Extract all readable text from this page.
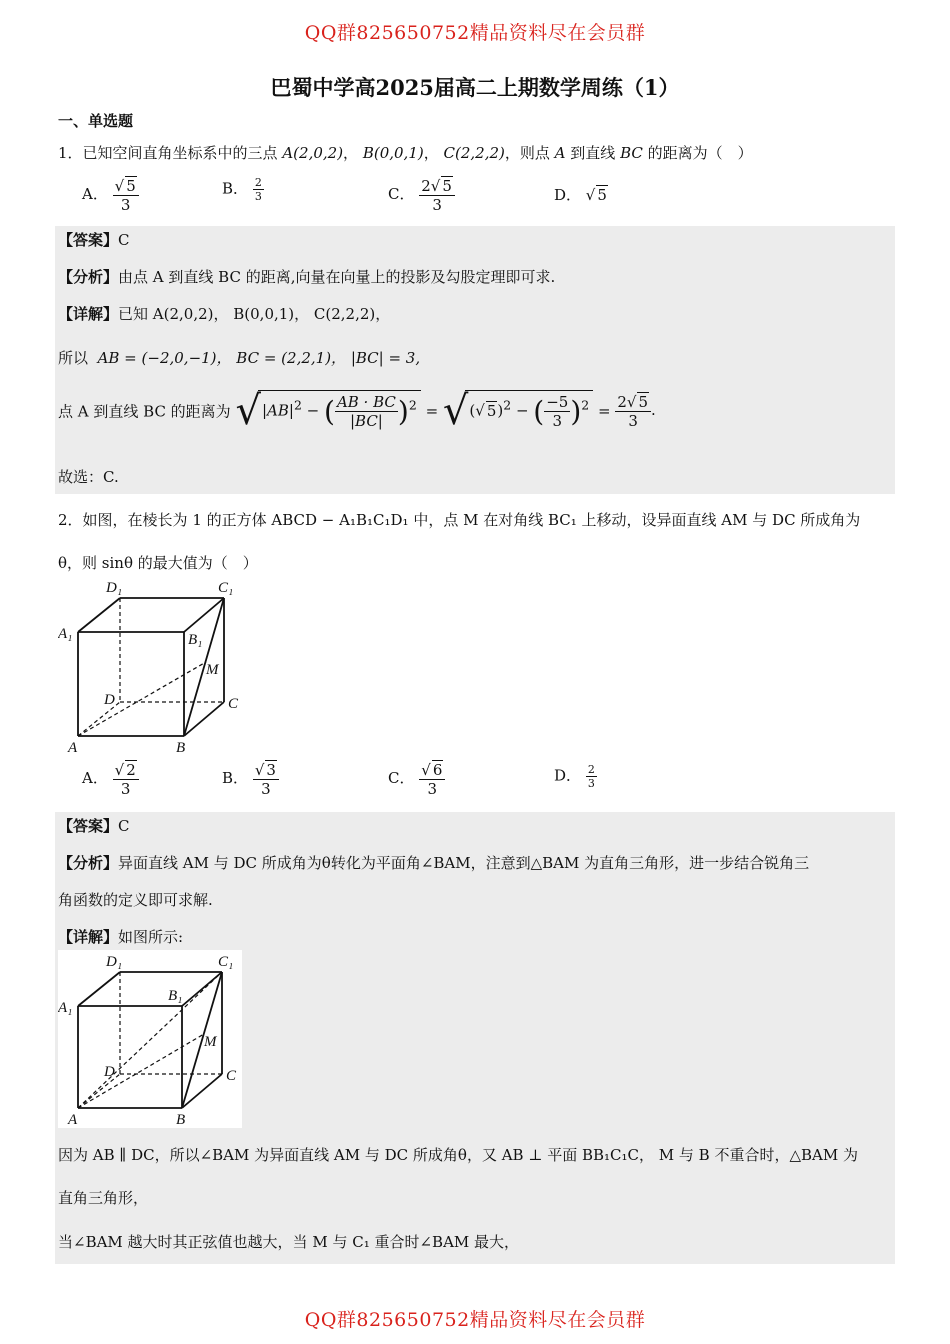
QQ群825650752精品资料尽在会员群
QQ群825650752精品资料尽在会员群
巴蜀中学高2025届高二上期数学周练（1）
一、单选题
1．已知空间直角坐标系中的三点 A(2,0,2)， B(0,0,1)， C(2,2,2)，则点 A 到直线 BC 的距离为（　）
A． $\frac{√ 5}{3}$	B． $\frac{2}{3}$	C． $\frac{2√ 5}{3}$	D． √ 5
【答案】C
【分析】由点 A 到直线 BC 的距离,向量在向量上的投影及勾股定理即可求.
【详解】已知 A(2,0,2)， B(0,0,1)， C(2,2,2)，
所以 AB = (−2,0,−1)， BC = (2,2,1)， |BC| = 3,
点 A 到直线 BC 的距离为 $√|AB|^2$ − ( $\frac{AB \cdot BC}{|BC|} )^2$ = √(√ 5)$^2$ − ( $\frac{-5}{3} )^2 = \frac{2√ 5}{3}$ .
故选：C.
2．如图，在棱长为 1 的正方体 ABCD − A₁B₁C₁D₁ 中，点 M 在对角线 BC₁ 上移动，设异面直线 AM 与 DC 所成角为
θ，则 sinθ 的最大值为（　）
A	B
C
D
A₁	B₁
C₁
D₁
M
A． $\frac{√ 2}{3}$	B． $\frac{√ 3}{3}$	C． $\frac{√ 6}{3}$	D． $\frac{2}{3}$
【答案】C
【分析】异面直线 AM 与 DC 所成角为θ转化为平面角∠BAM，注意到△BAM 为直角三角形，进一步结合锐角三
角函数的定义即可求解.
【详解】如图所示:
A	B
C
D
A₁
B₁
C₁
D₁
M
因为 AB ∥ DC，所以∠BAM 为异面直线 AM 与 DC 所成角θ，又 AB ⊥ 平面 BB₁C₁C， M 与 B 不重合时，△BAM 为
直角三角形，
当∠BAM 越大时其正弦值也越大，当 M 与 C₁ 重合时∠BAM 最大，
